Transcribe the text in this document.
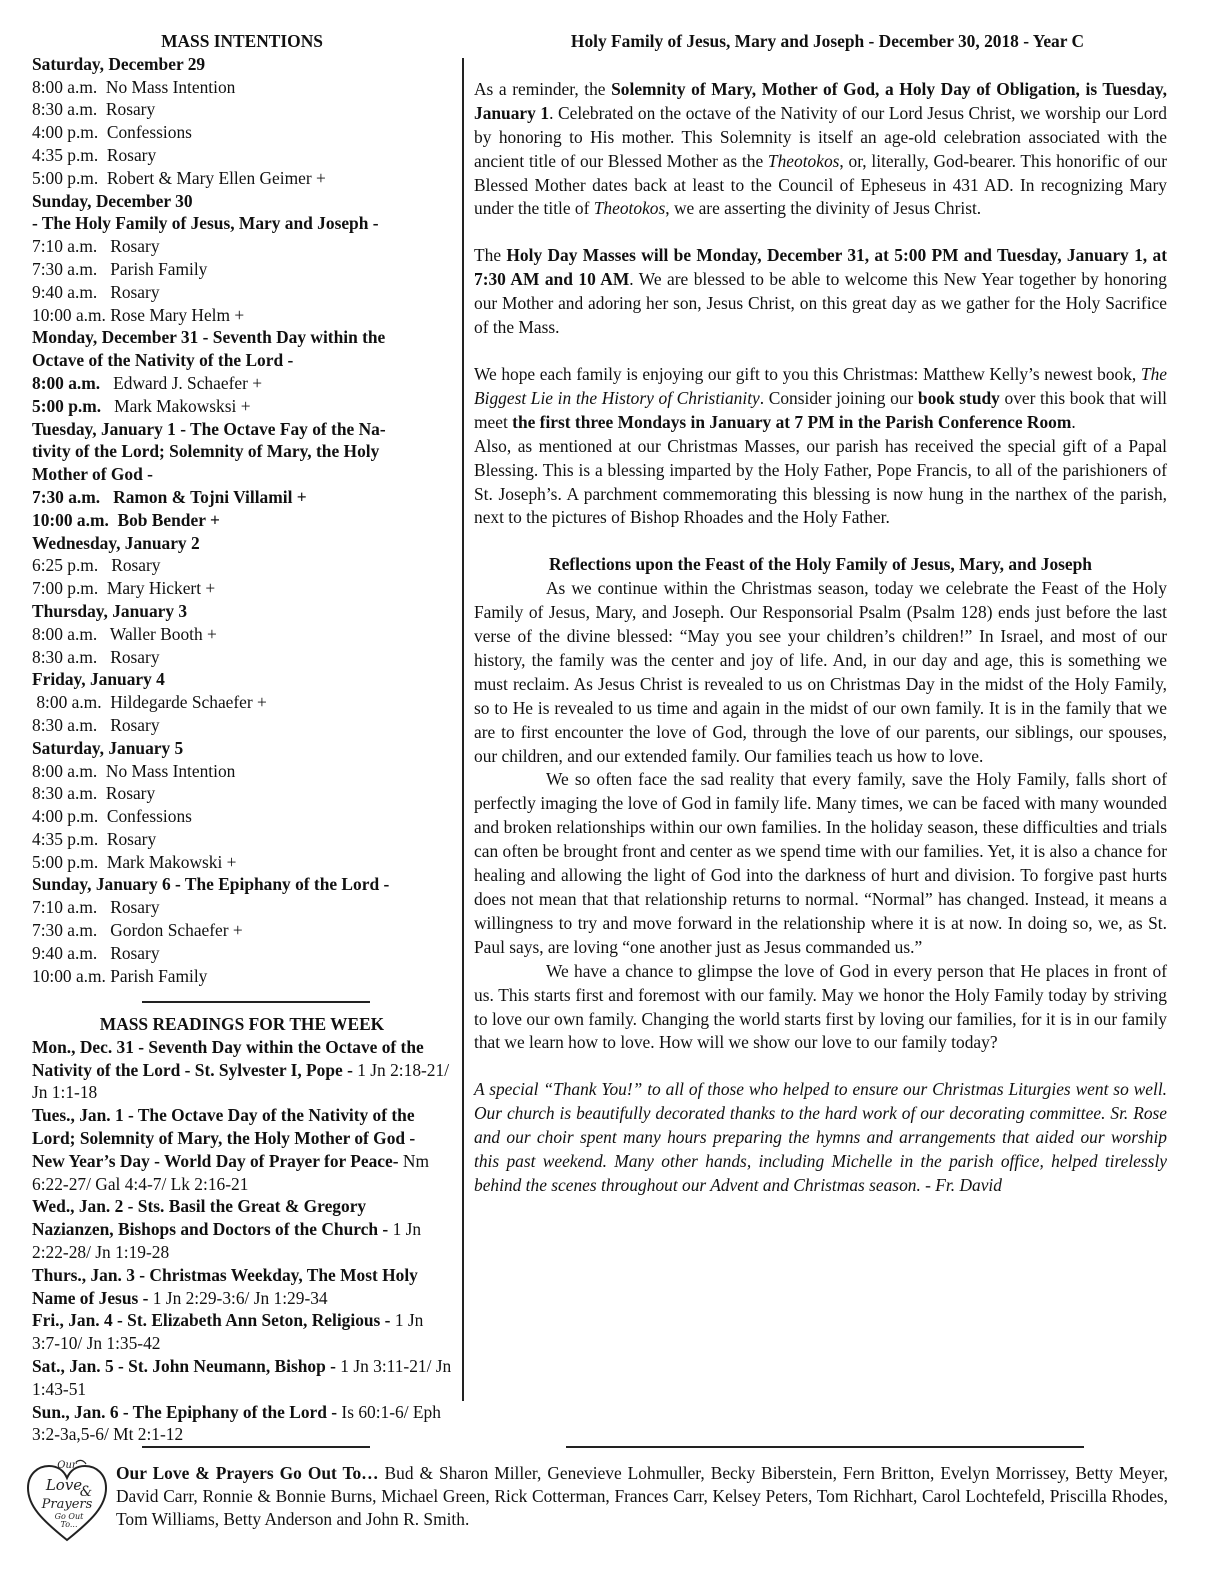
MASS INTENTIONS
Saturday, December 29
8:00 a.m.  No Mass Intention
8:30 a.m.  Rosary
4:00 p.m.  Confessions
4:35 p.m.  Rosary
5:00 p.m.  Robert & Mary Ellen Geimer +
Sunday, December 30
- The Holy Family of Jesus, Mary and Joseph -
7:10 a.m.   Rosary
7:30 a.m.   Parish Family
9:40 a.m.   Rosary
10:00 a.m. Rose Mary Helm +
Monday, December 31 - Seventh Day within the
Octave of the Nativity of the Lord -
8:00 a.m.   Edward J. Schaefer +
5:00 p.m.   Mark Makowsksi +
Tuesday, January 1 - The Octave Fay of the Na-
tivity of the Lord; Solemnity of Mary, the Holy
Mother of God -
7:30 a.m.   Ramon & Tojni Villamil +
10:00 a.m.  Bob Bender +
Wednesday, January 2
6:25 p.m.   Rosary
7:00 p.m.  Mary Hickert +
Thursday, January 3
8:00 a.m.   Waller Booth +
8:30 a.m.   Rosary
Friday, January 4
8:00 a.m.  Hildegarde Schaefer +
8:30 a.m.   Rosary
Saturday, January 5
8:00 a.m.  No Mass Intention
8:30 a.m.  Rosary
4:00 p.m.  Confessions
4:35 p.m.  Rosary
5:00 p.m.  Mark Makowski +
Sunday, January 6 - The Epiphany of the Lord -
7:10 a.m.   Rosary
7:30 a.m.   Gordon Schaefer +
9:40 a.m.   Rosary
10:00 a.m. Parish Family
MASS READINGS FOR THE WEEK

Mon., Dec. 31 - Seventh Day within the Octave of the Nativity of the Lord - St. Sylvester I, Pope - 1 Jn 2:18-21/ Jn 1:1-18

Tues., Jan. 1 - The Octave Day of the Nativity of the Lord; Solemnity of Mary, the Holy Mother of God - New Year’s Day - World Day of Prayer for Peace- Nm 6:22-27/ Gal 4:4-7/ Lk 2:16-21

Wed., Jan. 2 - Sts. Basil the Great & Gregory Nazianzen, Bishops and Doctors of the Church - 1 Jn 2:22-28/ Jn 1:19-28

Thurs., Jan. 3 - Christmas Weekday, The Most Holy Name of Jesus - 1 Jn 2:29-3:6/ Jn 1:29-34

Fri., Jan. 4 - St. Elizabeth Ann Seton, Religious - 1 Jn 3:7-10/ Jn 1:35-42

Sat., Jan. 5 - St. John Neumann, Bishop - 1 Jn 3:11-21/ Jn 1:43-51

Sun., Jan. 6 - The Epiphany of the Lord - Is 60:1-6/ Eph 3:2-3a,5-6/ Mt 2:1-12

Holy Family of Jesus, Mary and Joseph - December 30, 2018 - Year C

As a reminder, the Solemnity of Mary, Mother of God, a Holy Day of Obligation, is Tuesday, January 1. Celebrated on the octave of the Nativity of our Lord Jesus Christ, we worship our Lord by honoring to His mother. This Solemnity is itself an age-old celebration associated with the ancient title of our Blessed Mother as the Theotokos, or, literally, God-bearer. This honorific of our Blessed Mother dates back at least to the Council of Epheseus in 431 AD. In recognizing Mary under the title of Theotokos, we are asserting the divinity of Jesus Christ.

The Holy Day Masses will be Monday, December 31, at 5:00 PM and Tuesday, January 1, at 7:30 AM and 10 AM. We are blessed to be able to welcome this New Year together by honoring our Mother and adoring her son, Jesus Christ, on this great day as we gather for the Holy Sacrifice of the Mass.

We hope each family is enjoying our gift to you this Christmas: Matthew Kelly’s newest book, The Biggest Lie in the History of Christianity. Consider joining our book study over this book that will meet the first three Mondays in January at 7 PM in the Parish Conference Room.

Also, as mentioned at our Christmas Masses, our parish has received the special gift of a Papal Blessing. This is a blessing imparted by the Holy Father, Pope Francis, to all of the parishioners of St. Joseph’s. A parchment commemorating this blessing is now hung in the narthex of the parish, next to the pictures of Bishop Rhoades and the Holy Father.

Reflections upon the Feast of the Holy Family of Jesus, Mary, and Joseph

As we continue within the Christmas season, today we celebrate the Feast of the Holy Family of Jesus, Mary, and Joseph. Our Responsorial Psalm (Psalm 128) ends just before the last verse of the divine blessed: “May you see your children’s children!” In Israel, and most of our history, the family was the center and joy of life. And, in our day and age, this is something we must reclaim. As Jesus Christ is revealed to us on Christmas Day in the midst of the Holy Family, so to He is revealed to us time and again in the midst of our own family. It is in the family that we are to first encounter the love of God, through the love of our parents, our siblings, our spouses, our children, and our extended family. Our families teach us how to love.

We so often face the sad reality that every family, save the Holy Family, falls short of perfectly imaging the love of God in family life. Many times, we can be faced with many wounded and broken relationships within our own families. In the holiday season, these difficulties and trials can often be brought front and center as we spend time with our families. Yet, it is also a chance for healing and allowing the light of God into the darkness of hurt and division. To forgive past hurts does not mean that that relationship returns to normal. “Normal” has changed. Instead, it means a willingness to try and move forward in the relationship where it is at now. In doing so, we, as St. Paul says, are loving “one another just as Jesus commanded us.”

We have a chance to glimpse the love of God in every person that He places in front of us. This starts first and foremost with our family. May we honor the Holy Family today by striving to love our own family. Changing the world starts first by loving our families, for it is in our family that we learn how to love. How will we show our love to our family today?

A special “Thank You!” to all of those who helped to ensure our Christmas Liturgies went so well. Our church is beautifully decorated thanks to the hard work of our decorating committee. Sr. Rose and our choir spent many hours preparing the hymns and arrangements that aided our worship this past weekend. Many other hands, including Michelle in the parish office, helped tirelessly behind the scenes throughout our Advent and Christmas season. - Fr. David

Our
Love
&
Prayers
Go Out
To...
Our Love & Prayers Go Out To… Bud & Sharon Miller, Genevieve Lohmuller, Becky Biberstein, Fern Britton, Evelyn Morrissey, Betty Meyer, David Carr, Ronnie & Bonnie Burns, Michael Green, Rick Cotterman, Frances Carr, Kelsey Peters, Tom Richhart, Carol Lochtefeld, Priscilla Rhodes, Tom Williams, Betty Anderson and John R. Smith.
